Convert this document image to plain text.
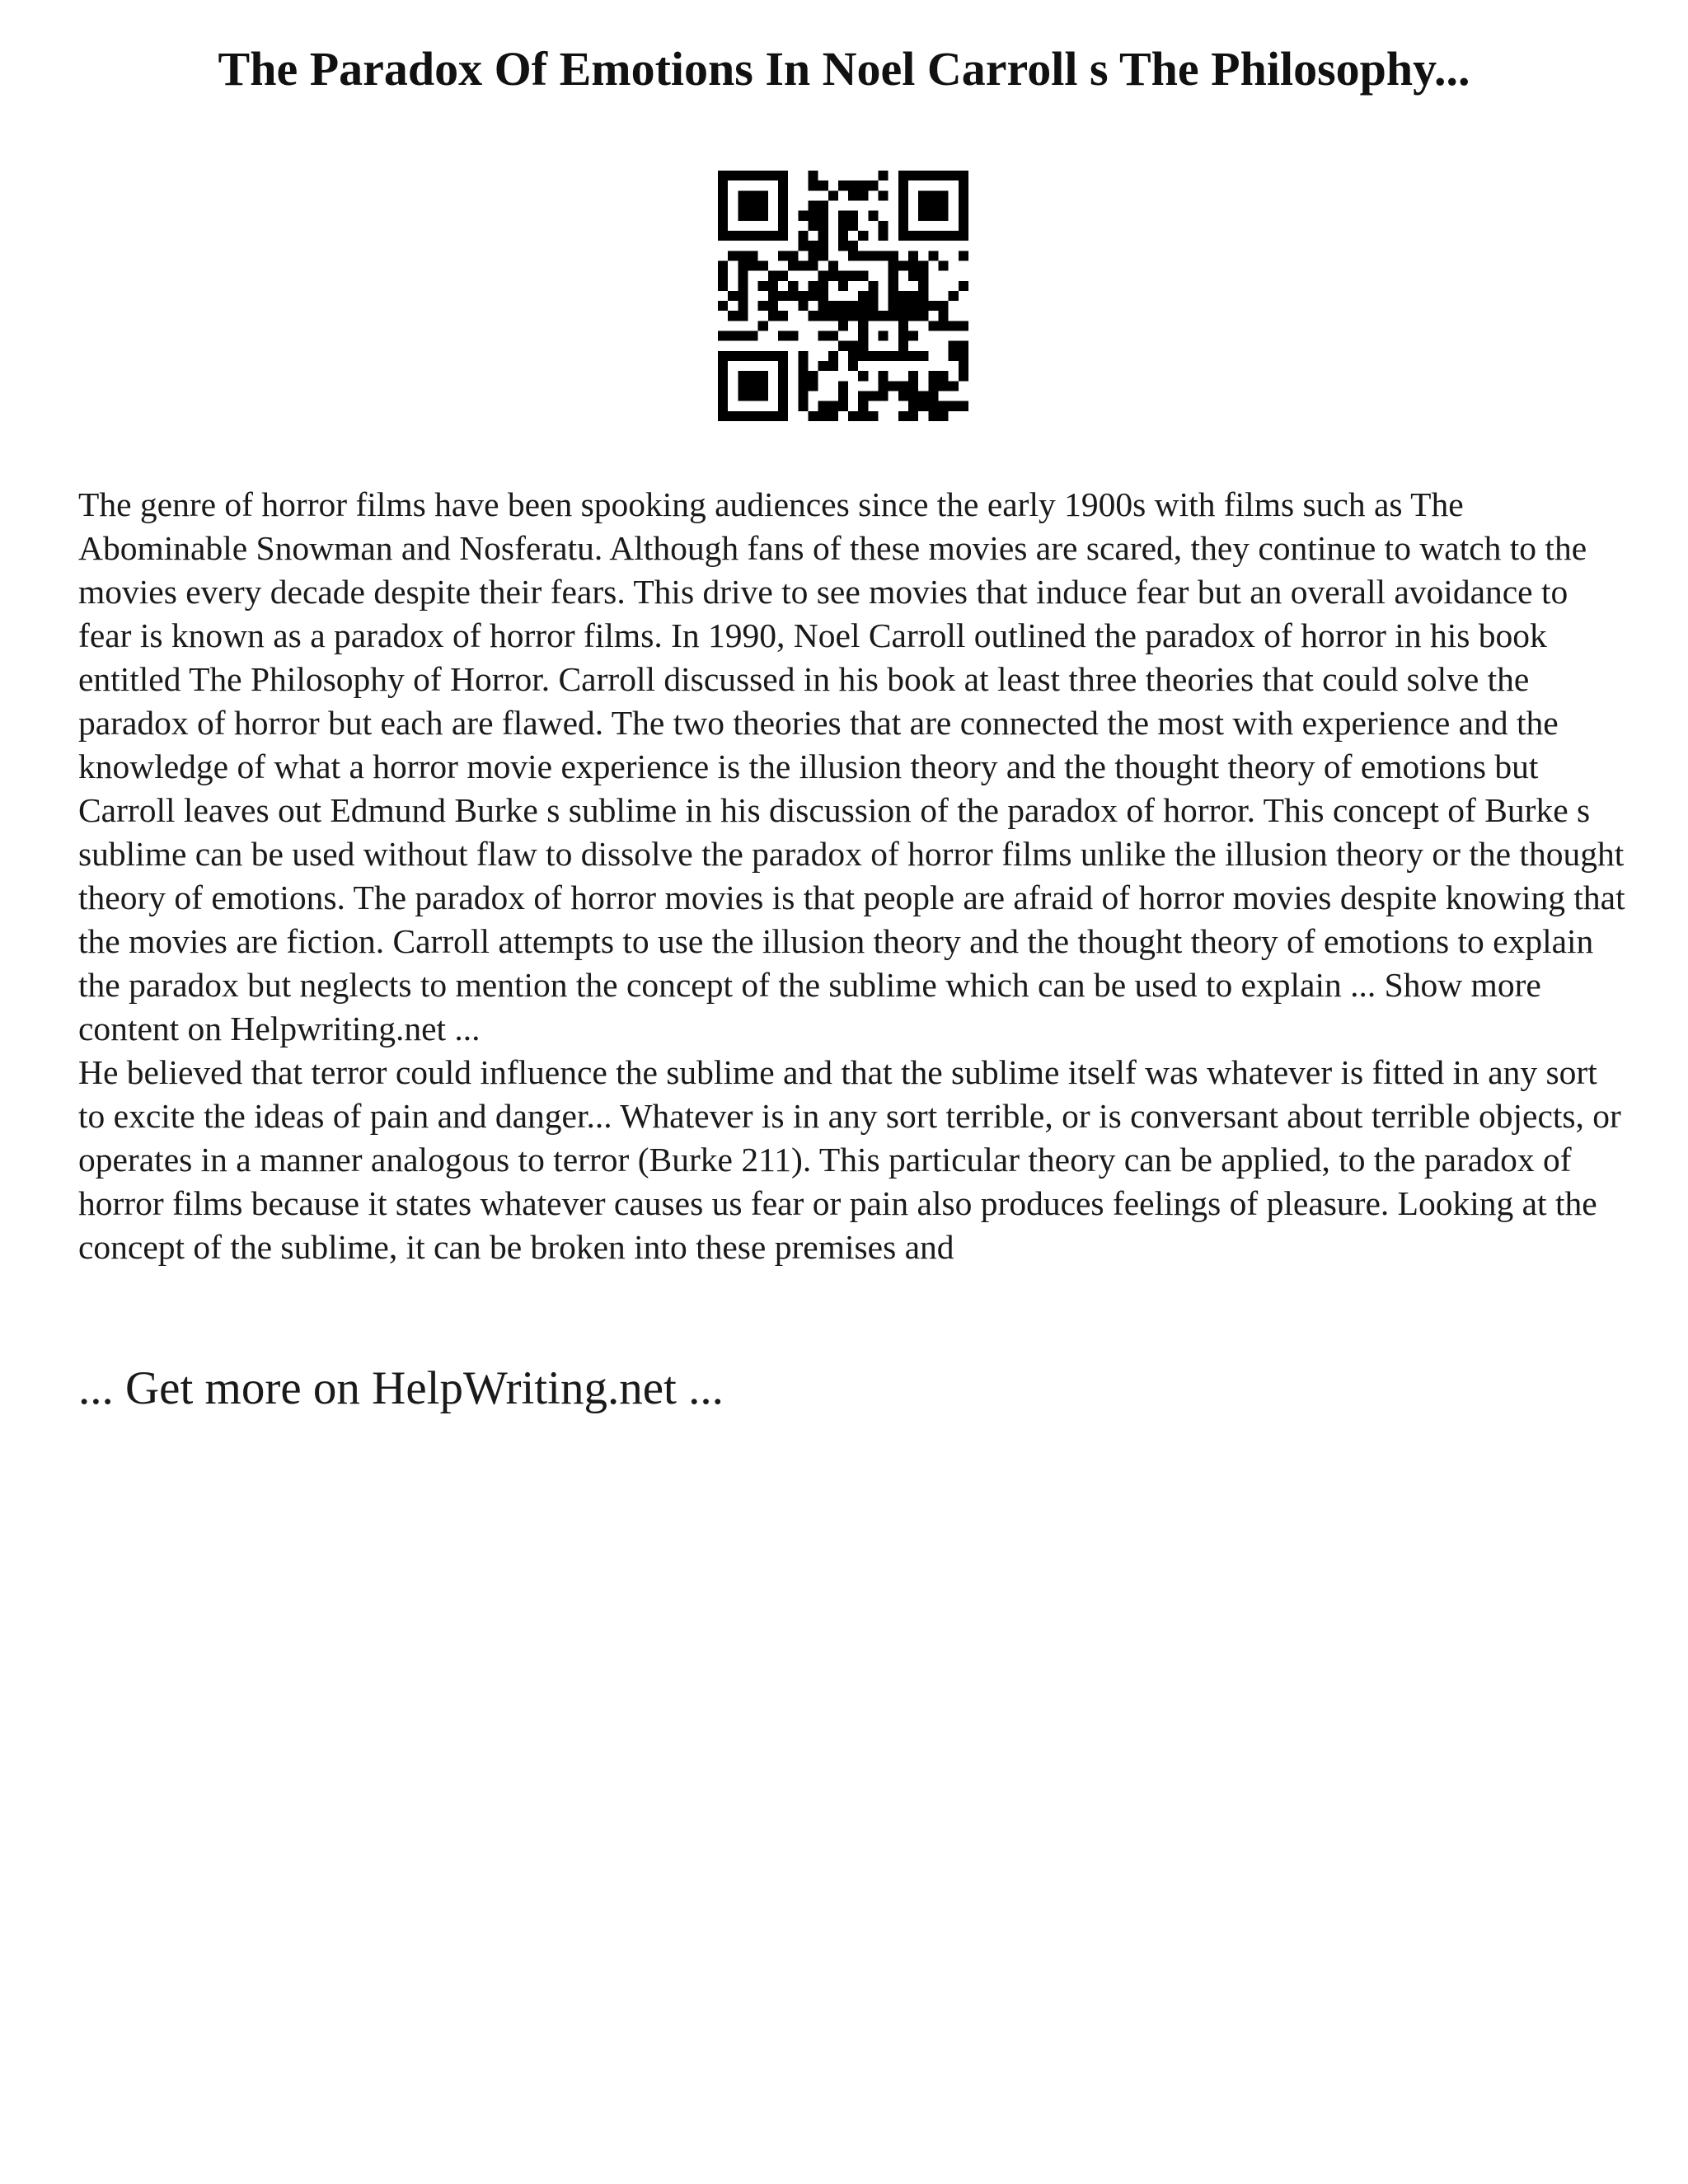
The Paradox Of Emotions In Noel Carroll s The Philosophy...

The genre of horror films have been spooking audiences since the early 1900s with films such as The Abominable Snowman and Nosferatu. Although fans of these movies are scared, they continue to watch to the movies every decade despite their fears. This drive to see movies that induce fear but an overall avoidance to fear is known as a paradox of horror films. In 1990, Noel Carroll outlined the paradox of horror in his book entitled The Philosophy of Horror. Carroll discussed in his book at least three theories that could solve the paradox of horror but each are flawed. The two theories that are connected the most with experience and the knowledge of what a horror movie experience is the illusion theory and the thought theory of emotions but Carroll leaves out Edmund Burke s sublime in his discussion of the paradox of horror. This concept of Burke s sublime can be used without flaw to dissolve the paradox of horror films unlike the illusion theory or the thought theory of emotions. The paradox of horror movies is that people are afraid of horror movies despite knowing that the movies are fiction. Carroll attempts to use the illusion theory and the thought theory of emotions to explain the paradox but neglects to mention the concept of the sublime which can be used to explain ... Show more content on Helpwriting.net ...

He believed that terror could influence the sublime and that the sublime itself was whatever is fitted in any sort to excite the ideas of pain and danger... Whatever is in any sort terrible, or is conversant about terrible objects, or operates in a manner analogous to terror (Burke 211). This particular theory can be applied, to the paradox of horror films because it states whatever causes us fear or pain also produces feelings of pleasure. Looking at the concept of the sublime, it can be broken into these premises and

... Get more on HelpWriting.net ...
